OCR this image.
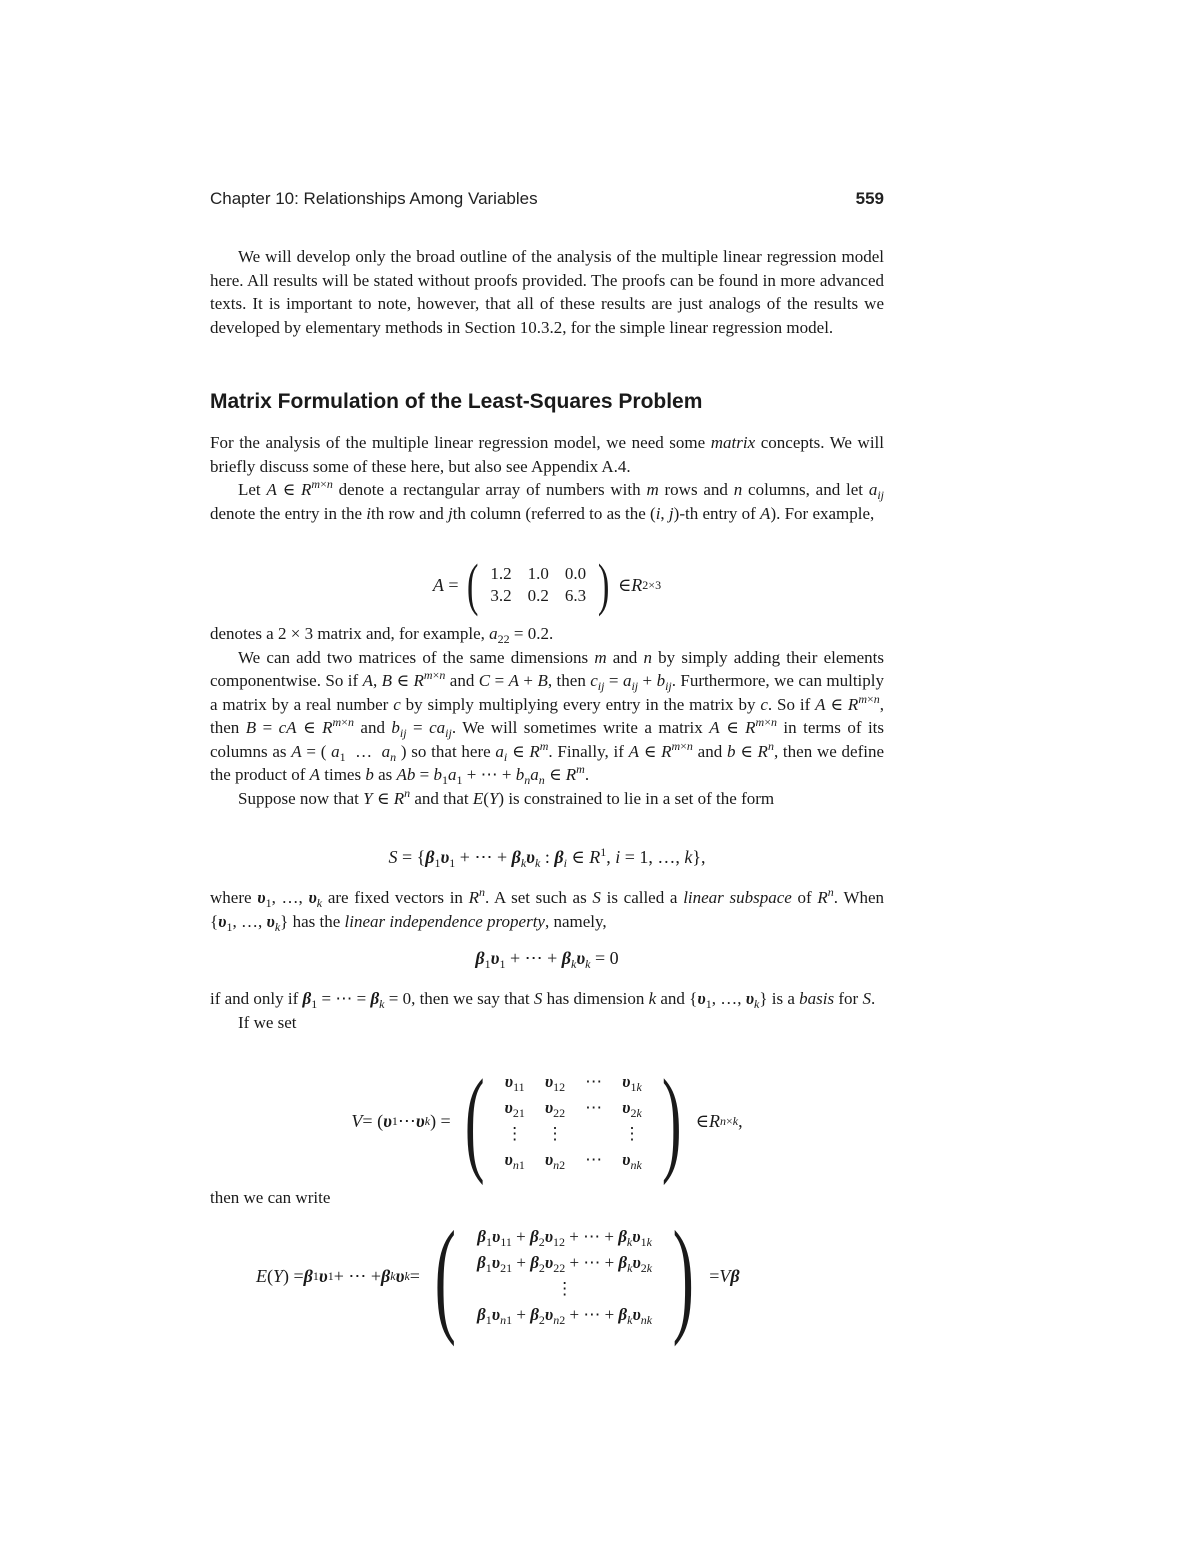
Chapter 10: Relationships Among Variables	559

We will develop only the broad outline of the analysis of the multiple linear regression model here. All results will be stated without proofs provided. The proofs can be found in more advanced texts. It is important to note, however, that all of these results are just analogs of the results we developed by elementary methods in Section 10.3.2, for the simple linear regression model.

Matrix Formulation of the Least-Squares Problem

For the analysis of the multiple linear regression model, we need some matrix concepts. We will briefly discuss some of these here, but also see Appendix A.4.

Let A ∈ $R^{m\times n}$ denote a rectangular array of numbers with m rows and n columns, and let $a_{ij}$ denote the entry in the ith row and jth column (referred to as the (i, j)-th entry of A). For example,

A = ( 1.2	1.0	0.0
3.2	0.2	6.3 ) ∈ R 2×3

denotes a 2 × 3 matrix and, for example, $a_{22} = 0.2$.

We can add two matrices of the same dimensions m and n by simply adding their elements componentwise. So if A, B ∈ $R^{m\times n}$ and C = A + B, then $c_{ij} = a_{ij} + b_{ij}$. Furthermore, we can multiply a matrix by a real number c by simply multiplying every entry in the matrix by c. So if A ∈ $R^{m\times n}$, then B = cA ∈ $R^{m\times n}$ and $b_{ij} = ca_{ij}$. We will sometimes write a matrix A ∈ $R^{m\times n}$ in terms of its columns as A = ( $a_1$  …  $a_n$ ) so that here $a_i$ ∈ $R^m$. Finally, if A ∈ $R^{m\times n}$ and b ∈ $R^n$, then we define the product of A times b as $Ab = b_1a_1$ + ⋯ + $b_na_n$ ∈ $R^m$.

Suppose now that Y ∈ $R^n$ and that E(Y) is constrained to lie in a set of the form

$S = \{\beta_1\upsilon_1$ + ⋯ + $\beta_k\upsilon_k$ : $\beta_i$ ∈ $R^1$, i = 1, …, k},

where $\upsilon_1$, …, $\upsilon_k$ are fixed vectors in $R^n$. A set such as S is called a linear subspace of $R^n$. When {$\upsilon_1$, …, $\upsilon_k$} has the linear independence property, namely,

$\beta_1\upsilon_1$ + ⋯ + $\beta_k\upsilon_k = 0$

if and only if $\beta_1$ = ⋯ = $\beta_k = 0$, then we say that S has dimension k and {$\upsilon_1$, …, $\upsilon_k$} is a basis for S.

If we set

V = ( υ 1 ⋯ υ k ) = ( $\upsilon_{11}$	$\upsilon_{12}$	⋯	$\upsilon_{1k}$
$\upsilon_{21}$	$\upsilon_{22}$	⋯	$\upsilon_{2k}$
⋮	⋮		⋮
$\upsilon_{n1}$	$\upsilon_{n2}$	⋯	$\upsilon_{nk}$ ) ∈ R n×k ,

then we can write

E ( Y ) = β 1 υ 1 + ⋯ + β k υ k = ( $\beta_1\upsilon_{11} + \beta_2\upsilon_{12}$ + ⋯ + $\beta_k\upsilon_{1k}$
$\beta_1\upsilon_{21} + \beta_2\upsilon_{22}$ + ⋯ + $\beta_k\upsilon_{2k}$
⋮
$\beta_1\upsilon_{n1} + \beta_2\upsilon_{n2}$ + ⋯ + $\beta_k\upsilon_{nk}$ ) = V β
